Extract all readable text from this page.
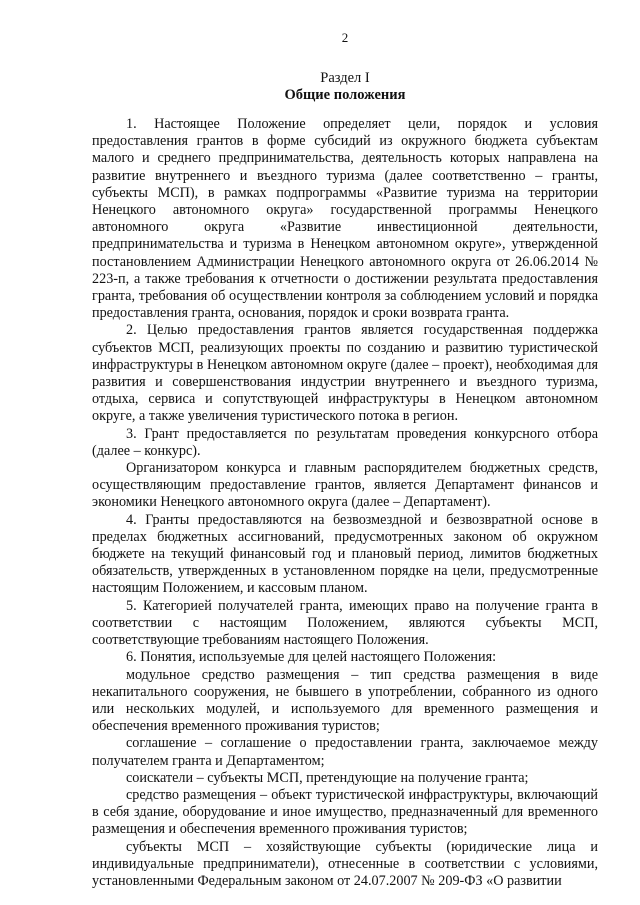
2
Раздел I
Общие положения

1. Настоящее Положение определяет цели, порядок и условия предоставления грантов в форме субсидий из окружного бюджета субъектам малого и среднего предпринимательства, деятельность которых направлена на развитие внутреннего и въездного туризма (далее соответственно – гранты, субъекты МСП), в рамках подпрограммы «Развитие туризма на территории Ненецкого автономного округа» государственной программы Ненецкого автономного округа «Развитие инвестиционной деятельности, предпринимательства и туризма в Ненецком автономном округе», утвержденной постановлением Администрации Ненецкого автономного округа от 26.06.2014 № 223-п, а также требования к отчетности о достижении результата предоставления гранта, требования об осуществлении контроля за соблюдением условий и порядка предоставления гранта, основания, порядок и сроки возврата гранта.

2. Целью предоставления грантов является государственная поддержка субъектов МСП, реализующих проекты по созданию и развитию туристической инфраструктуры в Ненецком автономном округе (далее – проект), необходимая для развития и совершенствования индустрии внутреннего и въездного туризма, отдыха, сервиса и сопутствующей инфраструктуры в Ненецком автономном округе, а также увеличения туристического потока в регион.

3. Грант предоставляется по результатам проведения конкурсного отбора (далее – конкурс).

Организатором конкурса и главным распорядителем бюджетных средств, осуществляющим предоставление грантов, является Департамент финансов и экономики Ненецкого автономного округа (далее – Департамент).

4. Гранты предоставляются на безвозмездной и безвозвратной основе в пределах бюджетных ассигнований, предусмотренных законом об окружном бюджете на текущий финансовый год и плановый период, лимитов бюджетных обязательств, утвержденных в установленном порядке на цели, предусмотренные настоящим Положением, и кассовым планом.

5. Категорией получателей гранта, имеющих право на получение гранта в соответствии с настоящим Положением, являются субъекты МСП, соответствующие требованиям настоящего Положения.

6. Понятия, используемые для целей настоящего Положения:

модульное средство размещения – тип средства размещения в виде некапитального сооружения, не бывшего в употреблении, собранного из одного или нескольких модулей, и используемого для временного размещения и обеспечения временного проживания туристов;

соглашение – соглашение о предоставлении гранта, заключаемое между получателем гранта и Департаментом;

соискатели – субъекты МСП, претендующие на получение гранта;

средство размещения – объект туристической инфраструктуры, включающий в себя здание, оборудование и иное имущество, предназначенный для временного размещения и обеспечения временного проживания туристов;

субъекты МСП – хозяйствующие субъекты (юридические лица и индивидуальные предприниматели), отнесенные в соответствии с условиями, установленными Федеральным законом от 24.07.2007 № 209-ФЗ «О развитии
